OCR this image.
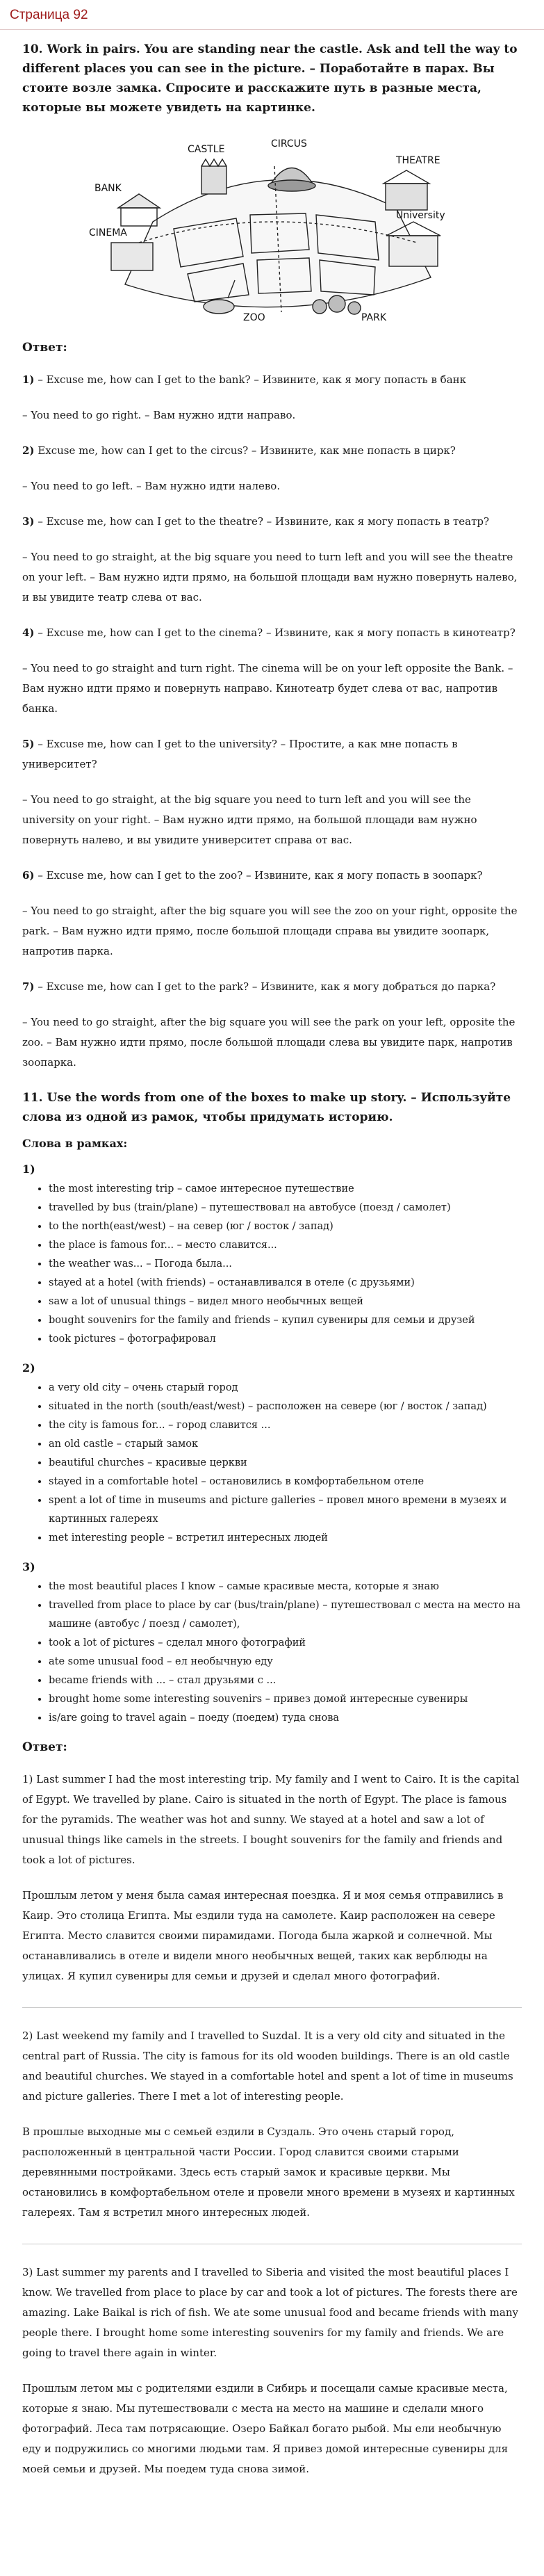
Страница 92
10. Work in pairs. You are standing near the castle. Ask and tell the way to different places you can see in the picture. – Поработайте в парах. Вы стоите возле замка. Спросите и расскажите путь в разные места, которые вы можете увидеть на картинке.
CASTLE	CIRCUS
BANK
THEATRE
CINEMA
University
ZOO	PARK
Ответ:

1) – Excuse me, how can I get to the bank? – Извините, как я могу попасть в банк

– You need to go right. – Вам нужно идти направо.

2) Excuse me, how can I get to the circus? – Извините, как мне попасть в цирк?

– You need to go left. – Вам нужно идти налево.

3) – Excuse me, how can I get to the theatre? – Извините, как я могу попасть в театр?

– You need to go straight, at the big square you need to turn left and you will see the theatre on your left. – Вам нужно идти прямо, на большой площади вам нужно повернуть налево, и вы увидите театр слева от вас.

4) – Excuse me, how can I get to the cinema? – Извините, как я могу попасть в кинотеатр?

– You need to go straight and turn right. The cinema will be on your left opposite the Bank. – Вам нужно идти прямо и повернуть направо. Кинотеатр будет слева от вас, напротив банка.

5) – Excuse me, how can I get to the university? – Простите, а как мне попасть в университет?

– You need to go straight, at the big square you need to turn left and you will see the university on your right. – Вам нужно идти прямо, на большой площади вам нужно повернуть налево, и вы увидите университет справа от вас.

6) – Excuse me, how can I get to the zoo? – Извините, как я могу попасть в зоопарк?

– You need to go straight, after the big square you will see the zoo on your right, opposite the park. – Вам нужно идти прямо, после большой площади справа вы увидите зоопарк, напротив парка.

7) – Excuse me, how can I get to the park? – Извините, как я могу добраться до парка?

– You need to go straight, after the big square you will see the park on your left, opposite the zoo. – Вам нужно идти прямо, после большой площади слева вы увидите парк, напротив зоопарка.

11. Use the words from one of the boxes to make up story. – Используйте слова из одной из рамок, чтобы придумать историю.
Слова в рамках:
1)
• the most interesting trip – самое интересное путешествие
• travelled by bus (train/plane) – путешествовал на автобусе (поезд / самолет)
• to the north(east/west) – на север (юг / восток / запад)
• the place is famous for... – место славится...
• the weather was... – Погода была...
• stayed at a hotel (with friends) – останавливался в отеле (с друзьями)
• saw a lot of unusual things – видел много необычных вещей
• bought souvenirs for the family and friends – купил сувениры для семьи и друзей
• took pictures – фотографировал
2)
• a very old city – очень старый город
• situated in the north (south/east/west) – расположен на севере (юг / восток / запад)
• the city is famous for... – город славится ...
• an old castle – старый замок
• beautiful churches – красивые церкви
• stayed in a comfortable hotel – остановились в комфортабельном отеле
• spent a lot of time in museums and picture galleries – провел много времени в музеях и картинных галереях
• met interesting people – встретил интересных людей
3)
• the most beautiful places I know – самые красивые места, которые я знаю
• travelled from place to place by car (bus/train/plane) – путешествовал с места на место на машине (автобус / поезд / самолет),
• took a lot of pictures – сделал много фотографий
• ate some unusual food – ел необычную еду
• became friends with ... – стал друзьями с ...
• brought home some interesting souvenirs – привез домой интересные сувениры
• is/are going to travel again – поеду (поедем) туда снова
Ответ:

1) Last summer I had the most interesting trip. My family and I went to Cairo. It is the capital of Egypt. We travelled by plane. Cairo is situated in the north of Egypt. The place is famous for the pyramids. The weather was hot and sunny. We stayed at a hotel and saw a lot of unusual things like camels in the streets. I bought souvenirs for the family and friends and took a lot of pictures.

Прошлым летом у меня была самая интересная поездка. Я и моя семья отправились в Каир. Это столица Египта. Мы ездили туда на самолете. Каир расположен на севере Египта. Место славится своими пирамидами. Погода была жаркой и солнечной. Мы останавливались в отеле и видели много необычных вещей, таких как верблюды на улицах. Я купил сувениры для семьи и друзей и сделал много фотографий.

2) Last weekend my family and I travelled to Suzdal. It is a very old city and situated in the central part of Russia. The city is famous for its old wooden buildings. There is an old castle and beautiful churches. We stayed in a comfortable hotel and spent a lot of time in museums and picture galleries. There I met a lot of interesting people.

В прошлые выходные мы с семьей ездили в Суздаль. Это очень старый город, расположенный в центральной части России. Город славится своими старыми деревянными постройками. Здесь есть старый замок и красивые церкви. Мы остановились в комфортабельном отеле и провели много времени в музеях и картинных галереях. Там я встретил много интересных людей.

3) Last summer my parents and I travelled to Siberia and visited the most beautiful places I know. We travelled from place to place by car and took a lot of pictures. The forests there are amazing. Lake Baikal is rich of fish. We ate some unusual food and became friends with many people there. I brought home some interesting souvenirs for my family and friends. We are going to travel there again in winter.

Прошлым летом мы с родителями ездили в Сибирь и посещали самые красивые места, которые я знаю. Мы путешествовали с места на место на машине и сделали много фотографий. Леса там потрясающие. Озеро Байкал богато рыбой. Мы ели необычную еду и подружились со многими людьми там. Я привез домой интересные сувениры для моей семьи и друзей. Мы поедем туда снова зимой.
